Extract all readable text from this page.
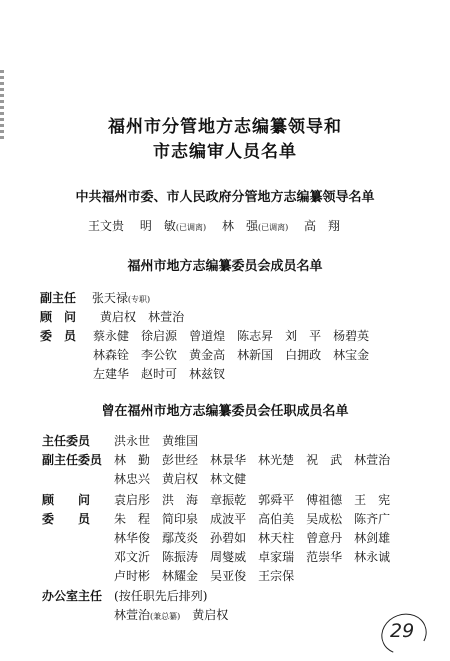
福州市分管地方志编纂领导和
市志编审人员名单
中共福州市委、市人民政府分管地方志编纂领导名单
王文贵　 明　敏(已调离)　 林　强(已调离)　 高　翔
福州市地方志编纂委员会成员名单
副主任　 张天禄(专职)
顾　问　　 黄启权　 林萱治
委　员 蔡永健　 徐启源　 曾道煌　 陈志昇　 刘　平　 杨碧英
林森铨　 李公钦　 黄金高　 林新国　 白拥政　 林宝金
左建华　 赵时可　 林兹钗
曾在福州市地方志编纂委员会任职成员名单
主任委员　　 洪永世　 黄维国
副主任委员 林　勤　 彭世经　 林景华　 林光楚　 祝　武　 林萱治
林忠兴　 黄启权　 林文健
顾　　问 袁启彤　 洪　海　 章振乾　 郭舜平　 傅祖德　 王　宪
委　　员 朱　程　 简印泉　 成波平　 高伯美　 吴成松　 陈齐广
林华俊　 鄢茂炎　 孙碧如　 林天柱　 曾意丹　 林剑雄
邓文沂　 陈振涛　 周燮威　 卓家瑞　 范崇华　 林永诚
卢时彬　 林耀金　 吴亚俊　 王宗保
办公室主任　 (按任职先后排列)
林萱治(兼总纂)　 黄启权
29
